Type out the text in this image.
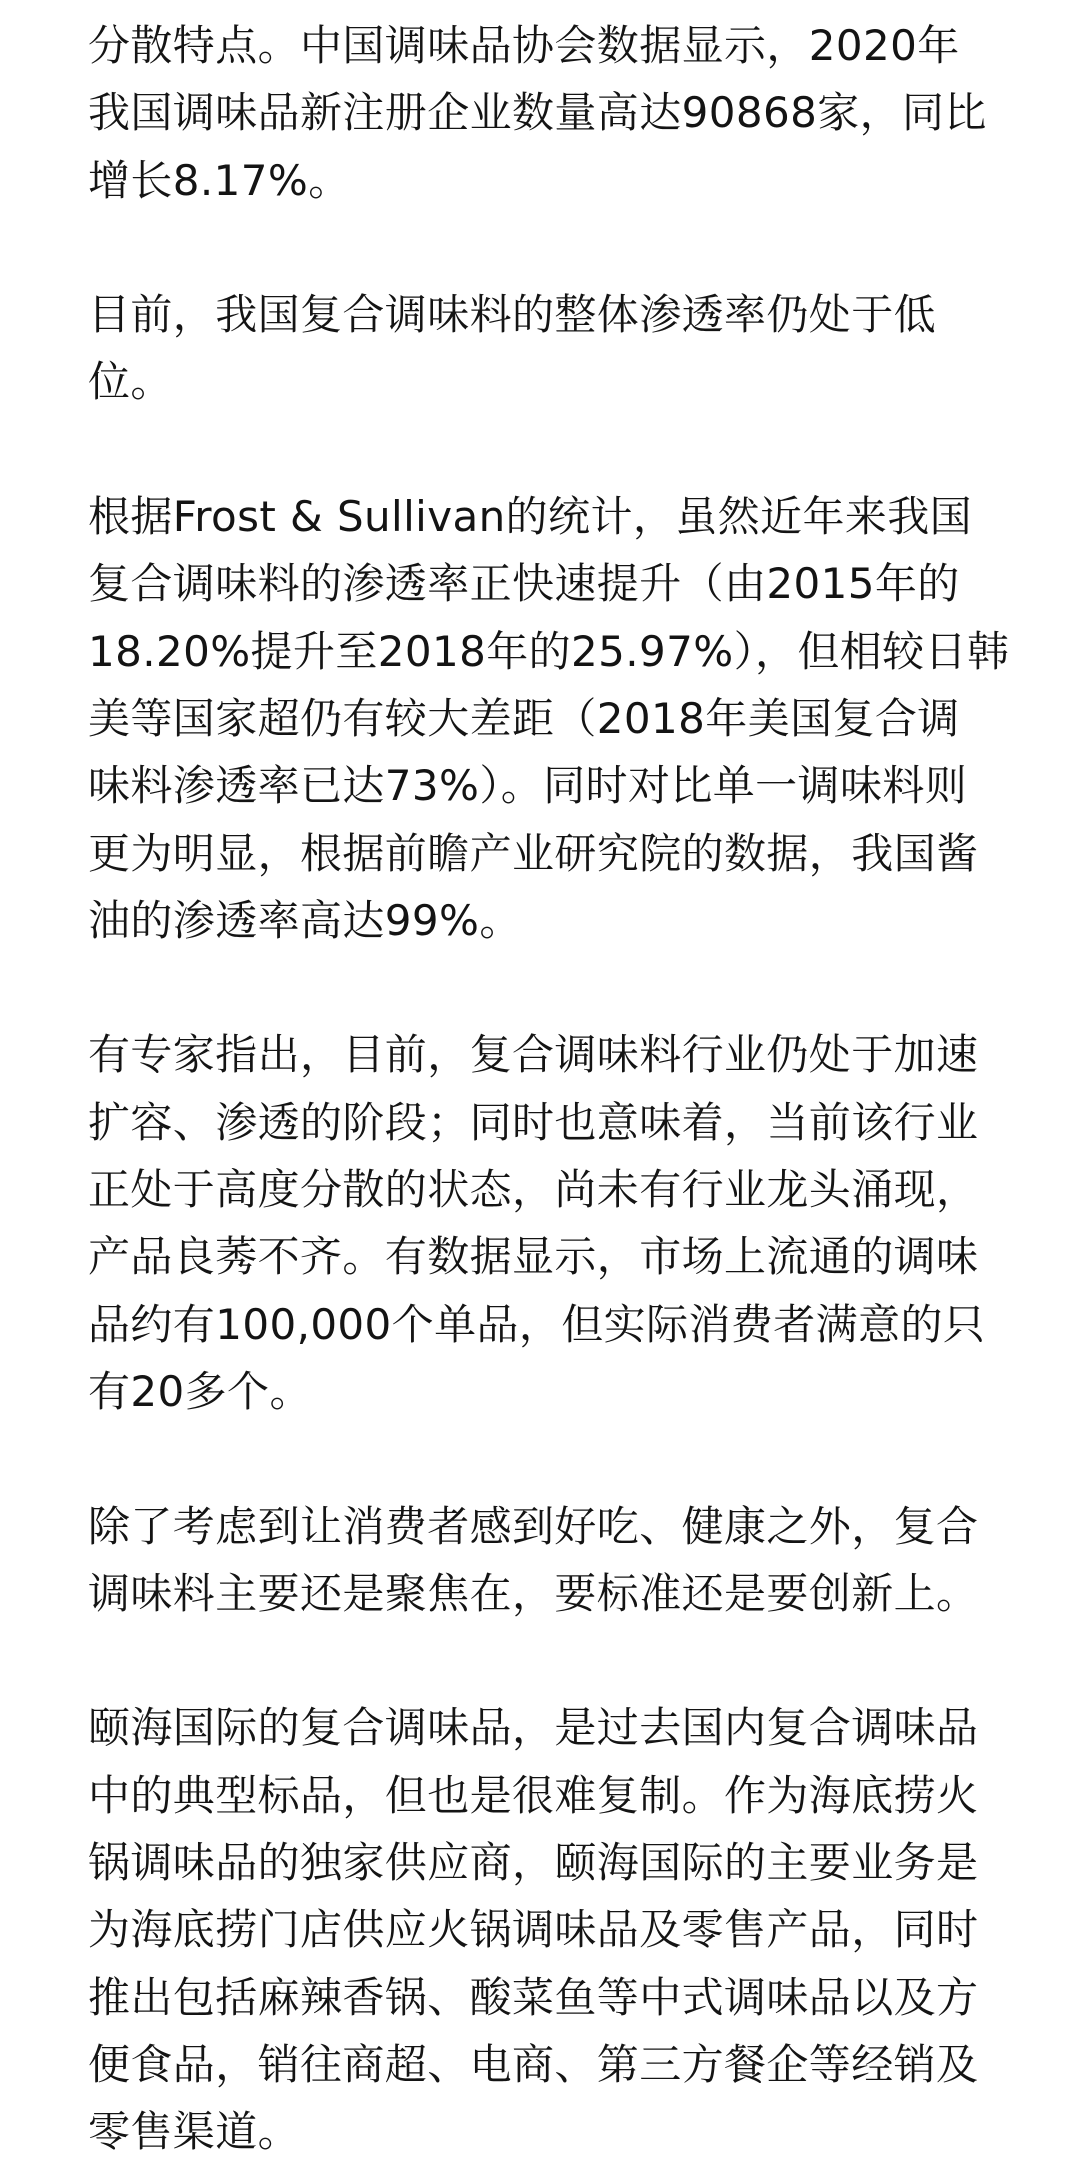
分散特点。中国调味品协会数据显示，2020年
我国调味品新注册企业数量高达90868家，同比
增长8.17%。
目前，我国复合调味料的整体渗透率仍处于低
位。
根据Frost & Sullivan的统计，虽然近年来我国
复合调味料的渗透率正快速提升（由2015年的
18.20%提升至2018年的25.97%），但相较日韩
美等国家超仍有较大差距（2018年美国复合调
味料渗透率已达73%）。同时对比单一调味料则
更为明显，根据前瞻产业研究院的数据，我国酱
油的渗透率高达99%。
有专家指出，目前，复合调味料行业仍处于加速
扩容、渗透的阶段；同时也意味着，当前该行业
正处于高度分散的状态，尚未有行业龙头涌现，
产品良莠不齐。有数据显示，市场上流通的调味
品约有100,000个单品，但实际消费者满意的只
有20多个。
除了考虑到让消费者感到好吃、健康之外，复合
调味料主要还是聚焦在，要标准还是要创新上。
颐海国际的复合调味品，是过去国内复合调味品
中的典型标品，但也是很难复制。作为海底捞火
锅调味品的独家供应商，颐海国际的主要业务是
为海底捞门店供应火锅调味品及零售产品，同时
推出包括麻辣香锅、酸菜鱼等中式调味品以及方
便食品，销往商超、电商、第三方餐企等经销及
零售渠道。
